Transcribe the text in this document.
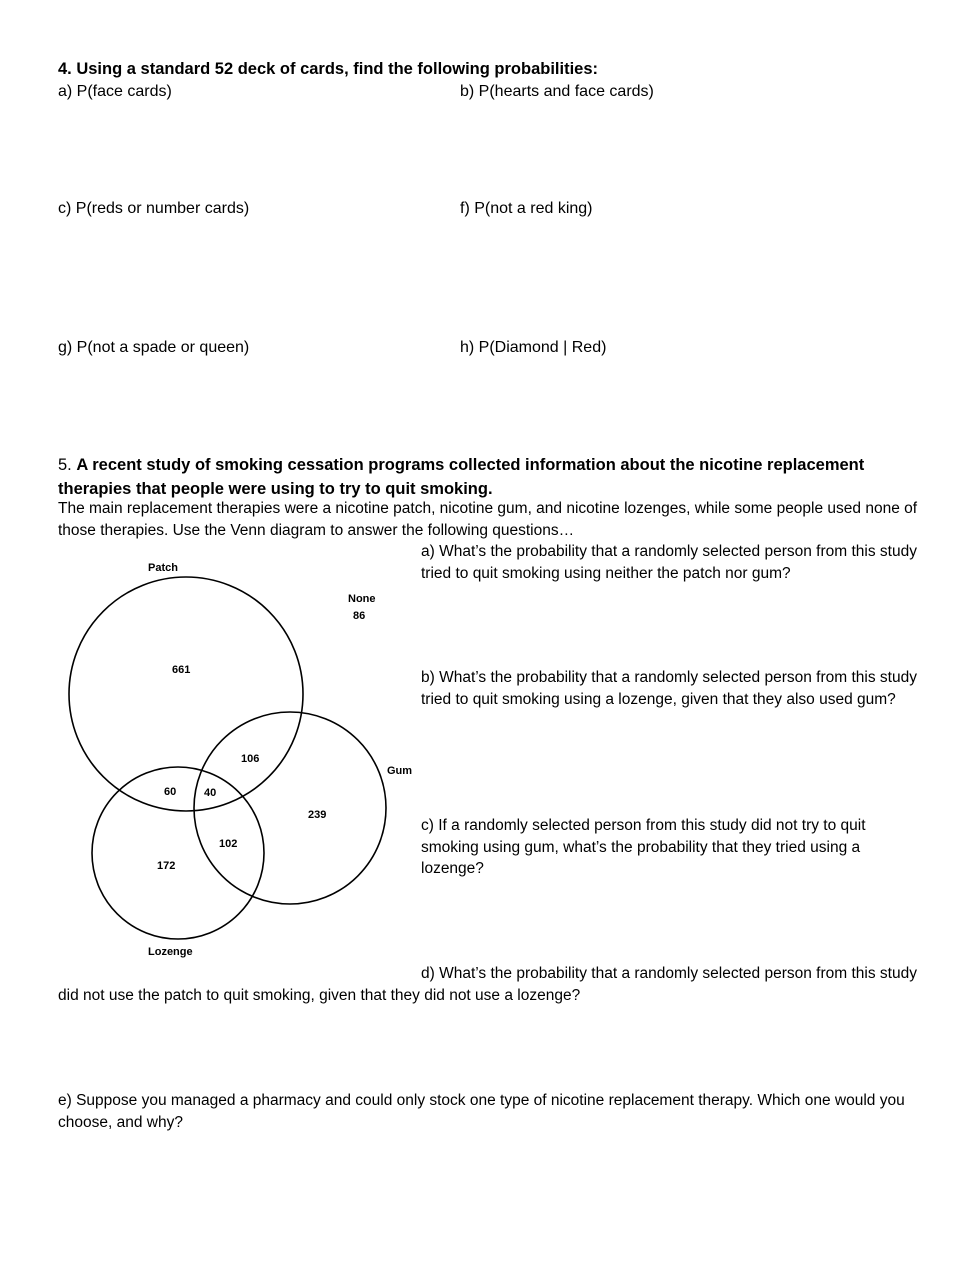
4. Using a standard 52 deck of cards, find the following probabilities:
a) P(face cards)	b) P(hearts and face cards)
c) P(reds or number cards)	f) P(not a red king)
g) P(not a spade or queen)	h) P(Diamond | Red)
5. A recent study of smoking cessation programs collected information about the nicotine replacement therapies that people were using to try to quit smoking.
The main replacement therapies were a nicotine patch, nicotine gum, and nicotine lozenges, while some people used none of those therapies. Use the Venn diagram to answer the following questions…
Patch
None
86
661
106
Gum
60	40
239
102
172
Lozenge
a) What’s the probability that a randomly selected person from this study tried to quit smoking using neither the patch nor gum?
b) What’s the probability that a randomly selected person from this study tried to quit smoking using a lozenge, given that they also used gum?
c) If a randomly selected person from this study did not try to quit smoking using gum, what’s the probability that they tried using a lozenge?
d) What’s the probability that a randomly selected person from this study did not use the patch to quit smoking, given that they did not use a lozenge?
e) Suppose you managed a pharmacy and could only stock one type of nicotine replacement therapy. Which one would you choose, and why?
